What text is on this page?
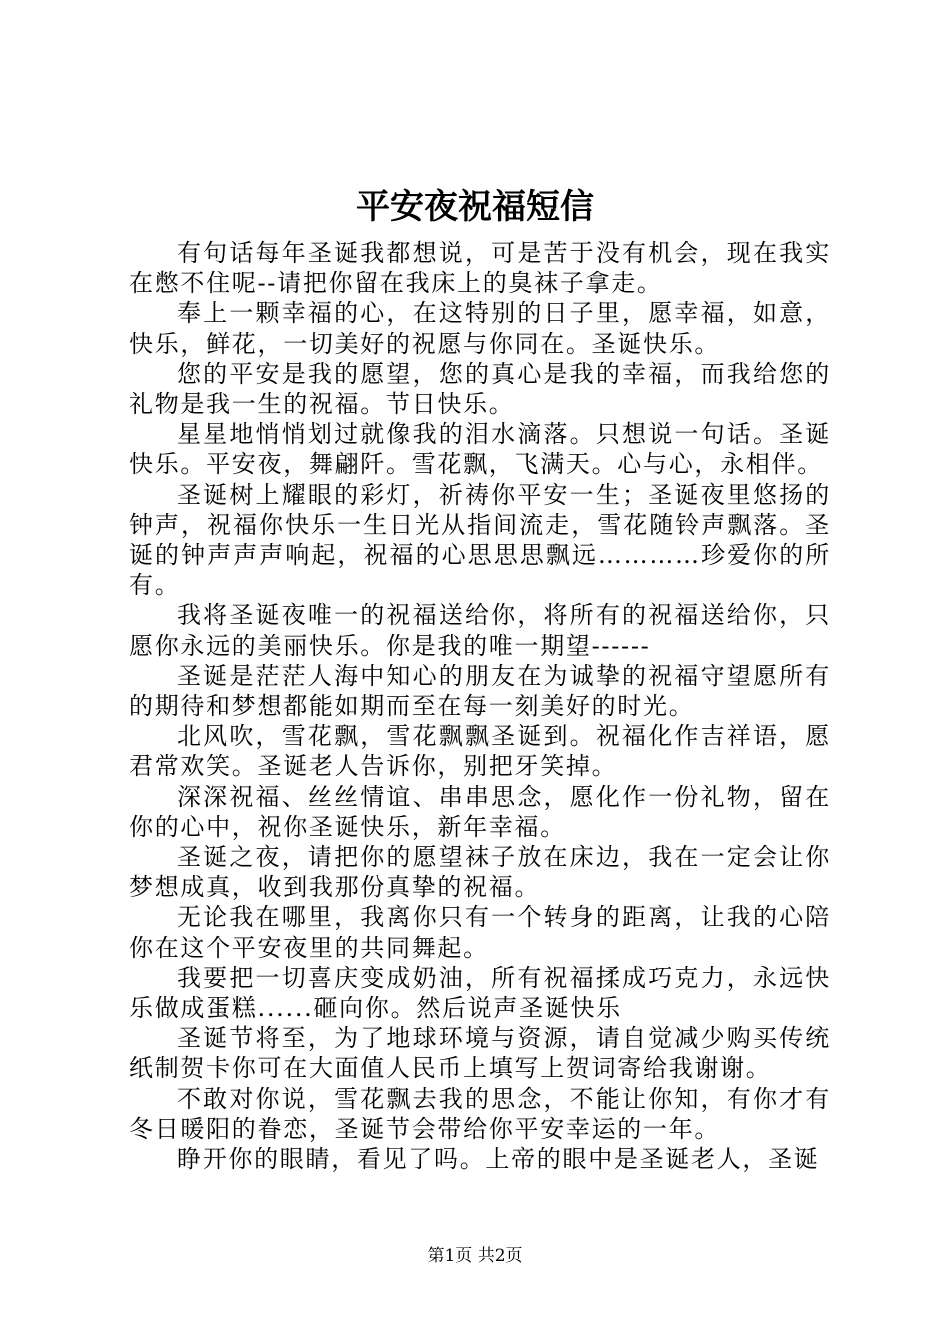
平安夜祝福短信

有句话每年圣诞我都想说，可是苦于没有机会，现在我实在憋不住呢--请把你留在我床上的臭袜子拿走。

奉上一颗幸福的心，在这特别的日子里，愿幸福，如意，快乐，鲜花，一切美好的祝愿与你同在。圣诞快乐。

您的平安是我的愿望，您的真心是我的幸福，而我给您的礼物是我一生的祝福。节日快乐。

星星地悄悄划过就像我的泪水滴落。只想说一句话。圣诞快乐。平安夜，舞翩阡。雪花飘，飞满天。心与心，永相伴。

圣诞树上耀眼的彩灯，祈祷你平安一生；圣诞夜里悠扬的钟声，祝福你快乐一生日光从指间流走，雪花随铃声飘落。圣诞的钟声声声响起，祝福的心思思思飘远…………珍爱你的所有。

我将圣诞夜唯一的祝福送给你，将所有的祝福送给你，只愿你永远的美丽快乐。你是我的唯一期望------

圣诞是茫茫人海中知心的朋友在为诚挚的祝福守望愿所有的期待和梦想都能如期而至在每一刻美好的时光。

北风吹，雪花飘，雪花飘飘圣诞到。祝福化作吉祥语，愿君常欢笑。圣诞老人告诉你，别把牙笑掉。

深深祝福、丝丝情谊、串串思念，愿化作一份礼物，留在你的心中，祝你圣诞快乐，新年幸福。

圣诞之夜，请把你的愿望袜子放在床边，我在一定会让你梦想成真，收到我那份真挚的祝福。

无论我在哪里，我离你只有一个转身的距离，让我的心陪你在这个平安夜里的共同舞起。

我要把一切喜庆变成奶油，所有祝福揉成巧克力，永远快乐做成蛋糕......砸向你。然后说声圣诞快乐

圣诞节将至，为了地球环境与资源，请自觉减少购买传统纸制贺卡你可在大面值人民币上填写上贺词寄给我谢谢。

不敢对你说，雪花飘去我的思念，不能让你知，有你才有冬日暖阳的眷恋，圣诞节会带给你平安幸运的一年。

睁开你的眼睛，看见了吗。上帝的眼中是圣诞老人，圣诞

第1页 共2页
